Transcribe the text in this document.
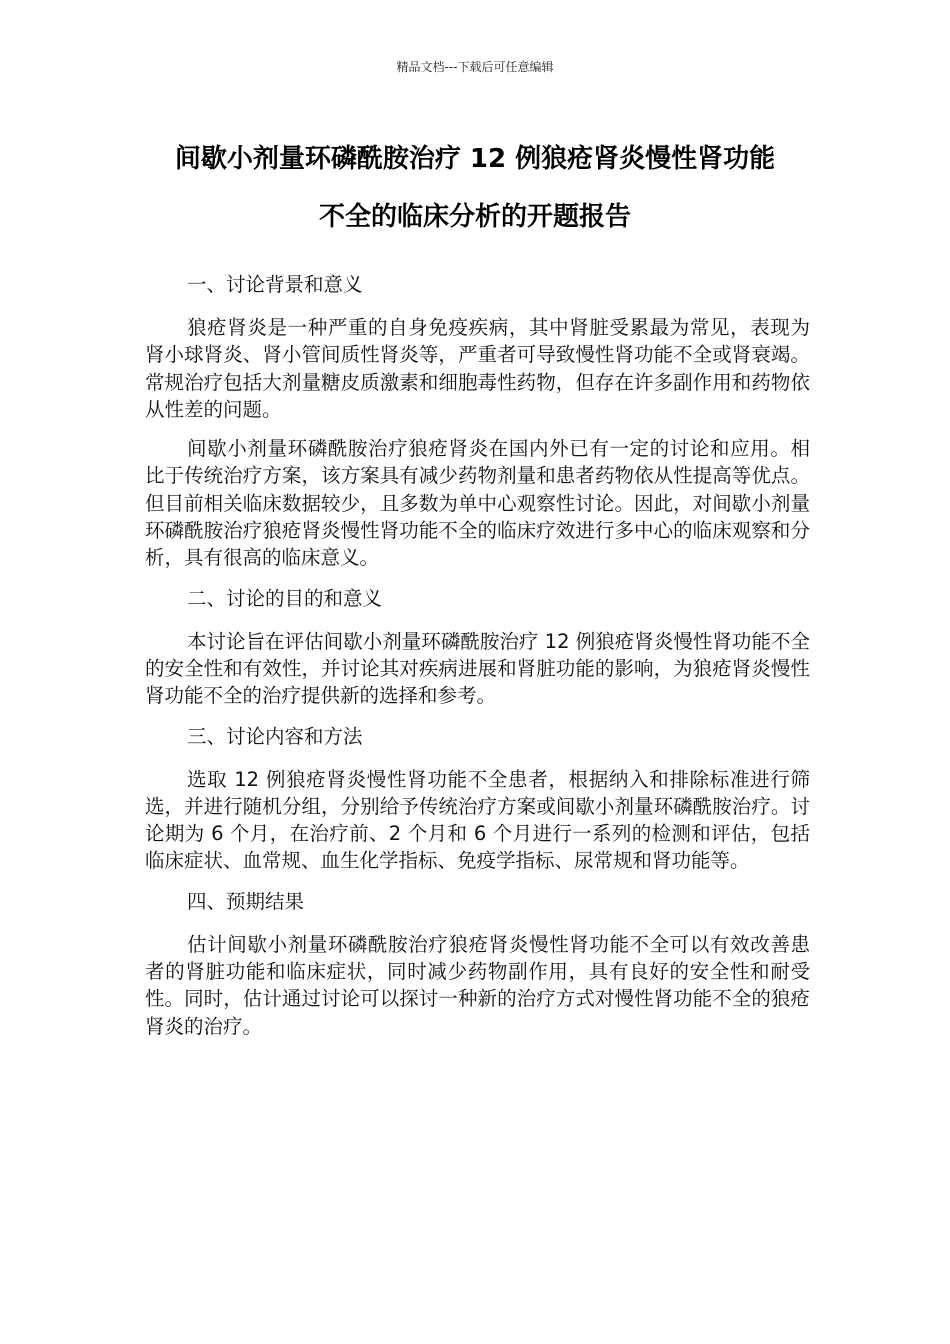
精品文档---下载后可任意编辑
间歇小剂量环磷酰胺治疗 12 例狼疮肾炎慢性肾功能
不全的临床分析的开题报告

一、讨论背景和意义

狼疮肾炎是一种严重的自身免疫疾病，其中肾脏受累最为常见，表现为肾小球肾炎、肾小管间质性肾炎等，严重者可导致慢性肾功能不全或肾衰竭。常规治疗包括大剂量糖皮质激素和细胞毒性药物，但存在许多副作用和药物依从性差的问题。

间歇小剂量环磷酰胺治疗狼疮肾炎在国内外已有一定的讨论和应用。相比于传统治疗方案，该方案具有减少药物剂量和患者药物依从性提高等优点。但目前相关临床数据较少，且多数为单中心观察性讨论。因此，对间歇小剂量环磷酰胺治疗狼疮肾炎慢性肾功能不全的临床疗效进行多中心的临床观察和分析，具有很高的临床意义。

二、讨论的目的和意义

本讨论旨在评估间歇小剂量环磷酰胺治疗 12 例狼疮肾炎慢性肾功能不全的安全性和有效性，并讨论其对疾病进展和肾脏功能的影响，为狼疮肾炎慢性肾功能不全的治疗提供新的选择和参考。

三、讨论内容和方法

选取 12 例狼疮肾炎慢性肾功能不全患者，根据纳入和排除标准进行筛选，并进行随机分组，分别给予传统治疗方案或间歇小剂量环磷酰胺治疗。讨论期为 6 个月，在治疗前、2 个月和 6 个月进行一系列的检测和评估，包括临床症状、血常规、血生化学指标、免疫学指标、尿常规和肾功能等。

四、预期结果

估计间歇小剂量环磷酰胺治疗狼疮肾炎慢性肾功能不全可以有效改善患者的肾脏功能和临床症状，同时减少药物副作用，具有良好的安全性和耐受性。同时，估计通过讨论可以探讨一种新的治疗方式对慢性肾功能不全的狼疮肾炎的治疗。
